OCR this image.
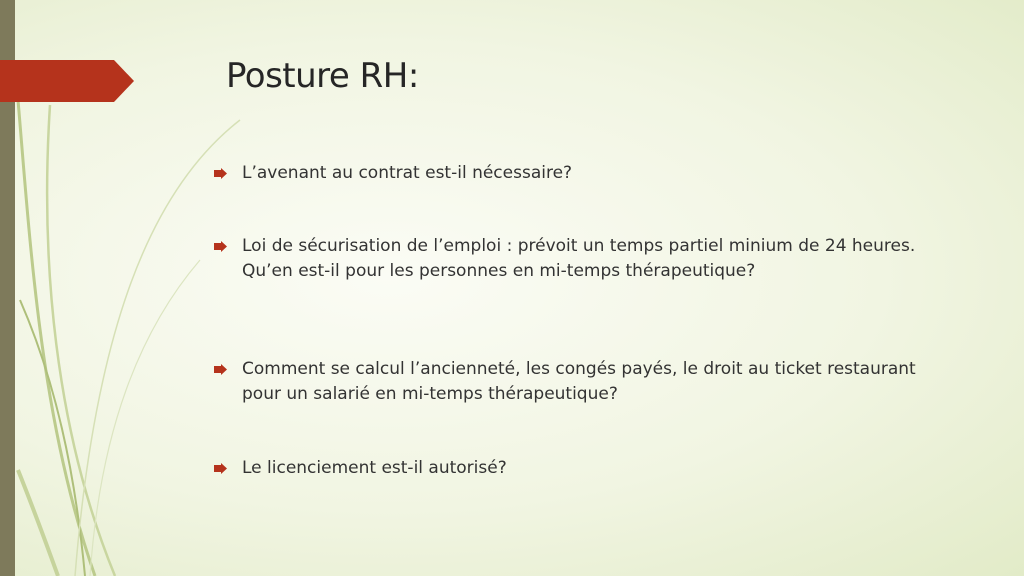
Posture RH:
L’avenant au contrat est-il nécessaire?
Loi de sécurisation de l’emploi : prévoit un temps partiel minium de 24 heures. Qu’en est-il pour les personnes en mi-temps thérapeutique?
Comment se calcul l’ancienneté, les congés payés, le droit au ticket restaurant pour un salarié en mi-temps thérapeutique?
Le licenciement est-il autorisé?
